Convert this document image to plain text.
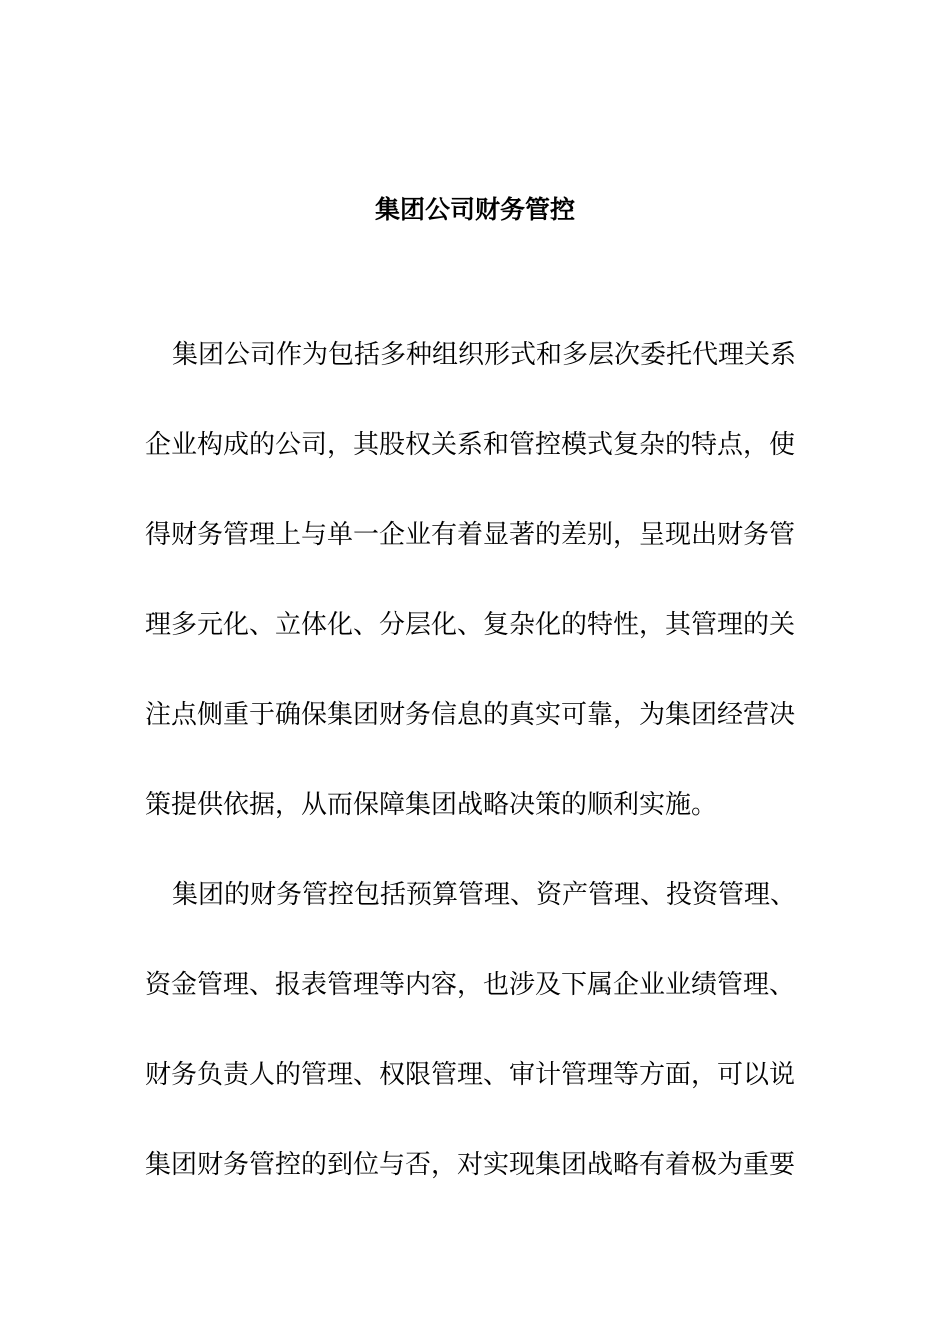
集团公司财务管控
集团公司作为包括多种组织形式和多层次委托代理关系
企业构成的公司，其股权关系和管控模式复杂的特点，使
得财务管理上与单一企业有着显著的差别，呈现出财务管
理多元化、立体化、分层化、复杂化的特性，其管理的关
注点侧重于确保集团财务信息的真实可靠，为集团经营决
策提供依据，从而保障集团战略决策的顺利实施。
集团的财务管控包括预算管理、资产管理、投资管理、
资金管理、报表管理等内容，也涉及下属企业业绩管理、
财务负责人的管理、权限管理、审计管理等方面，可以说
集团财务管控的到位与否，对实现集团战略有着极为重要
